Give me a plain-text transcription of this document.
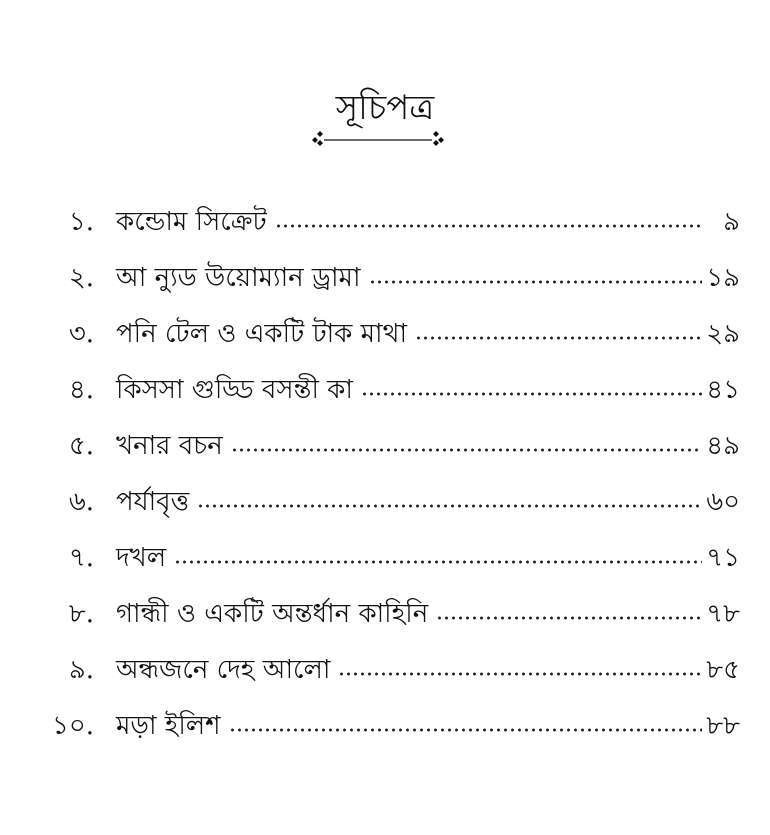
সূচিপত্র
১. কন্ডোম সিক্রেট	৯
২. আ ন্যুড উয়োম্যান ড্রামা	১৯
৩. পনি টেল ও একটি টাক মাথা	২৯
৪. কিসসা গুড্ডি বসন্তী কা	৪১
৫. খনার বচন	৪৯
৬. পর্যাবৃত্ত	৬০
৭. দখল	৭১
৮. গান্ধী ও একটি অন্তর্ধান কাহিনি	৭৮
৯. অন্ধজনে দেহ আলো	৮৫
১০. মড়া ইলিশ	৮৮
